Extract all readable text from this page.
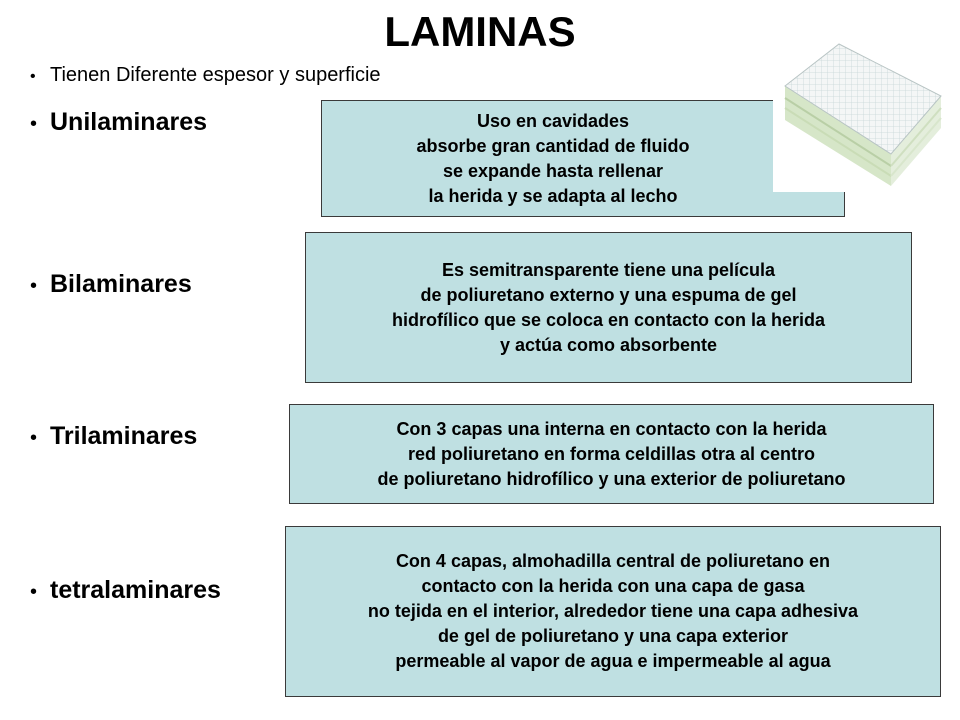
LAMINAS
• Tienen Diferente espesor y superficie
• Unilaminares
• Bilaminares
• Trilaminares
• tetralaminares
Uso en cavidades
absorbe gran cantidad de fluido
se expande hasta rellenar
la herida y se adapta al lecho
Es semitransparente tiene una película
de poliuretano externo y una espuma de gel
hidrofílico que se coloca en contacto con la herida
y actúa como absorbente
Con 3 capas una interna en contacto con la herida
red poliuretano en forma celdillas otra al centro
de poliuretano hidrofílico y una exterior de poliuretano
Con 4 capas, almohadilla central de poliuretano en
contacto con la herida con una capa de gasa
no tejida en el interior, alrededor tiene una capa adhesiva
de gel de poliuretano y una capa exterior
permeable al vapor de agua e impermeable al agua
